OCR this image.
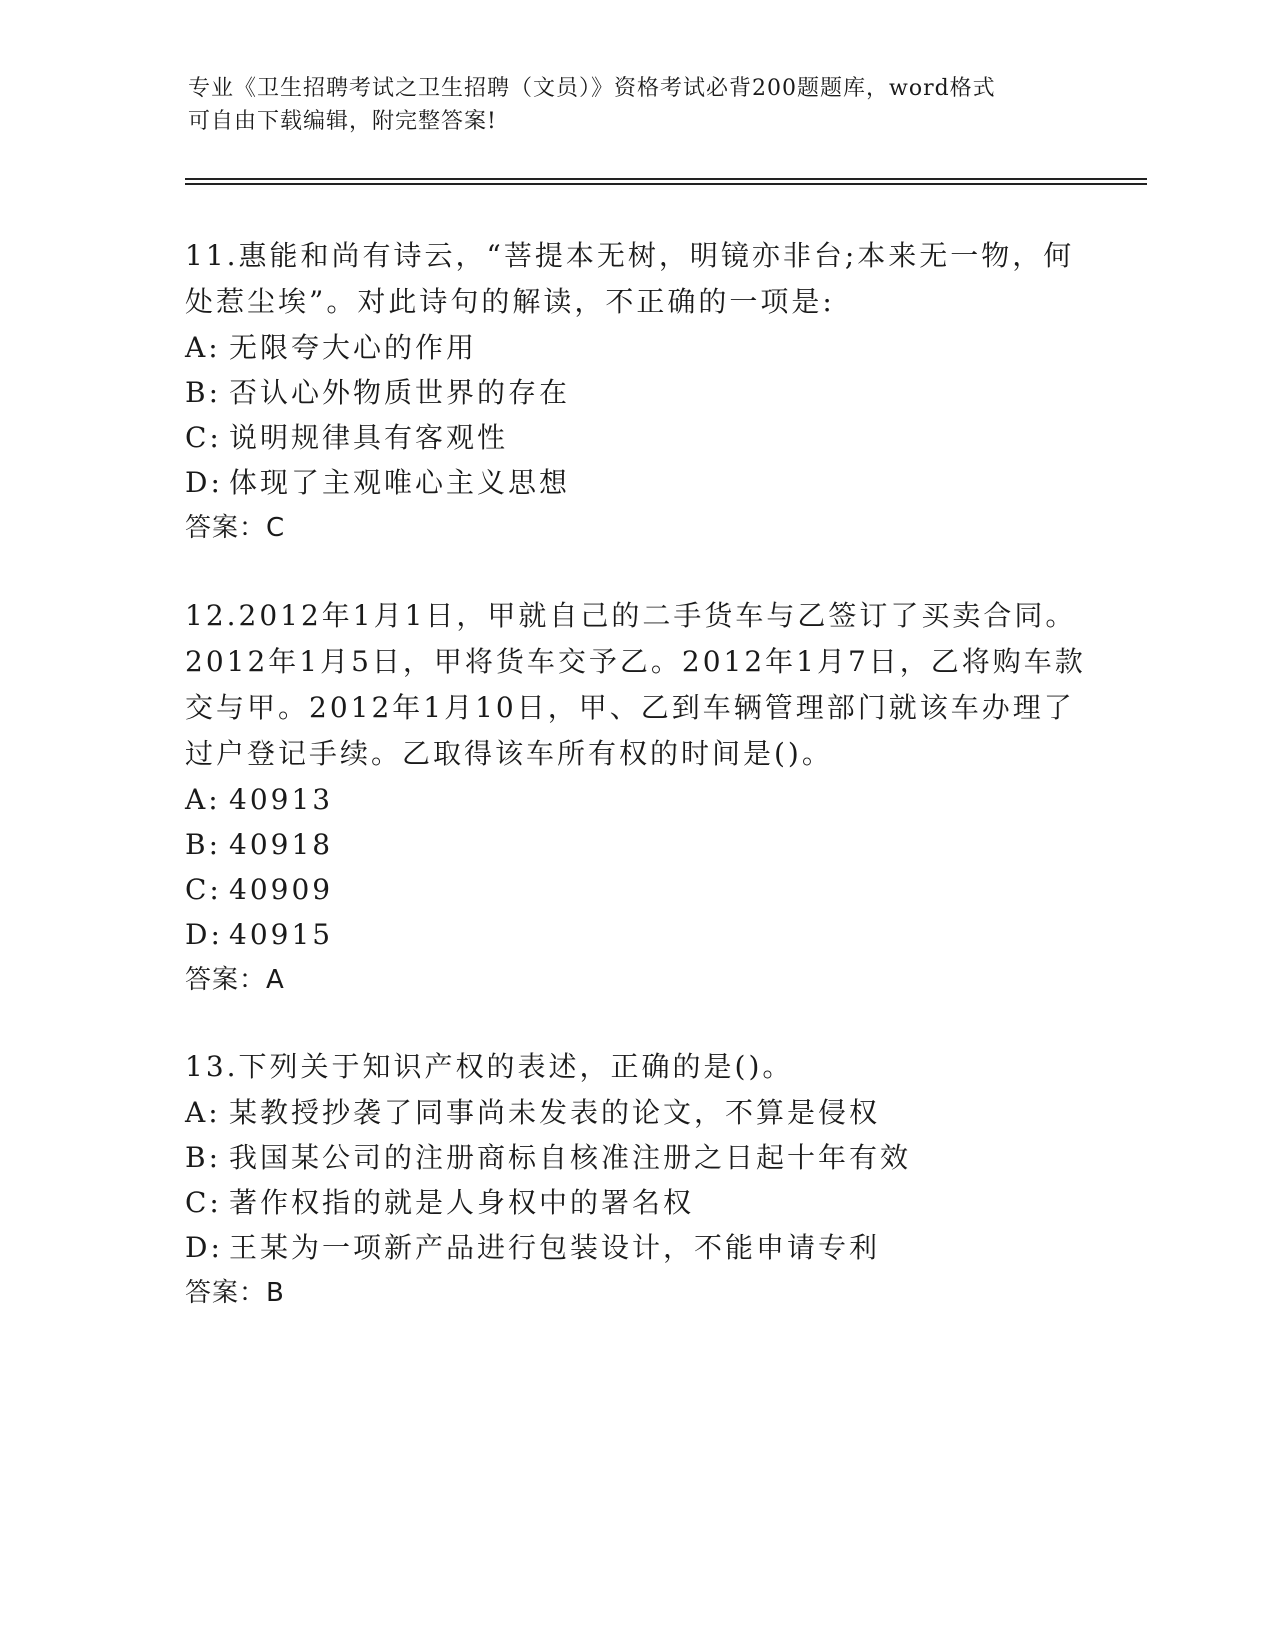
专业《卫生招聘考试之卫生招聘（文员）》资格考试必背200题题库，word格式
可自由下载编辑，附完整答案!

11.惠能和尚有诗云，“菩提本无树，明镜亦非台;本来无一物，何处惹尘埃”。对此诗句的解读，不正确的一项是:

A: 无限夸大心的作用

B: 否认心外物质世界的存在

C: 说明规律具有客观性

D: 体现了主观唯心主义思想

答案：C

12.2012年1月1日，甲就自己的二手货车与乙签订了买卖合同。2012年1月5日，甲将货车交予乙。2012年1月7日，乙将购车款交与甲。2012年1月10日，甲、乙到车辆管理部门就该车办理了过户登记手续。乙取得该车所有权的时间是()。

A: 40913

B: 40918

C: 40909

D: 40915

答案：A

13.下列关于知识产权的表述，正确的是()。

A: 某教授抄袭了同事尚未发表的论文，不算是侵权

B: 我国某公司的注册商标自核准注册之日起十年有效

C: 著作权指的就是人身权中的署名权

D: 王某为一项新产品进行包装设计，不能申请专利

答案：B
